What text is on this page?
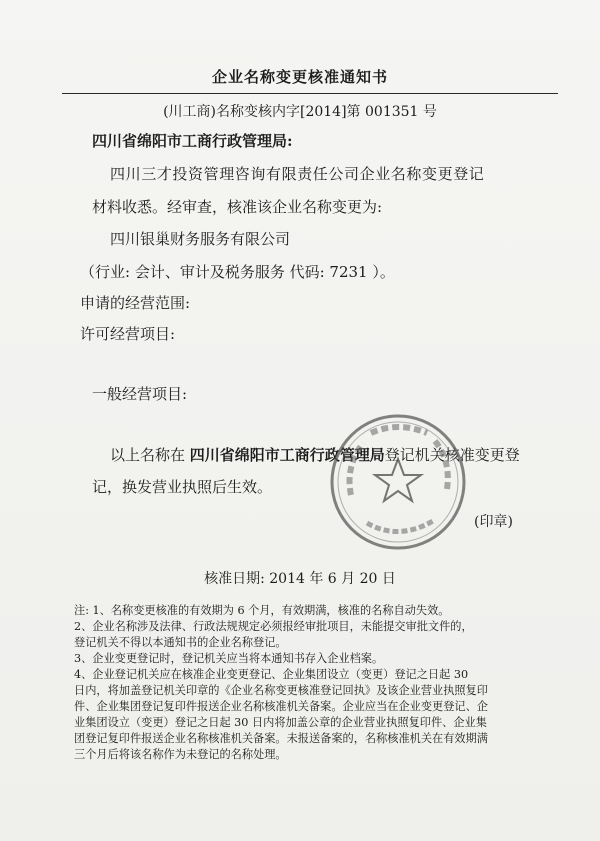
企业名称变更核准通知书
(川工商)名称变核内字[2014]第 001351 号
四川省绵阳市工商行政管理局:
四川三才投资管理咨询有限责任公司企业名称变更登记
材料收悉。经审查，核准该企业名称变更为:
四川银巢财务服务有限公司
（行业: 会计、审计及税务服务 代码: 7231 ）。
申请的经营范围:
许可经营项目:
一般经营项目:
以上名称在 四川省绵阳市工商行政管理局登记机关核准变更登
记，换发营业执照后生效。
(印章)
核准日期: 2014 年 6 月 20 日
注: 1、名称变更核准的有效期为 6 个月，有效期满，核准的名称自动失效。
2、企业名称涉及法律、行政法规规定必须报经审批项目，未能提交审批文件的，
登记机关不得以本通知书的企业名称登记。
3、企业变更登记时，登记机关应当将本通知书存入企业档案。
4、企业登记机关应在核准企业变更登记、企业集团设立（变更）登记之日起 30
日内，将加盖登记机关印章的《企业名称变更核准登记回执》及该企业营业执照复印
件、企业集团登记复印件报送企业名称核准机关备案。企业应当在企业变更登记、企
业集团设立（变更）登记之日起 30 日内将加盖公章的企业营业执照复印件、企业集
团登记复印件报送企业名称核准机关备案。未报送备案的，名称核准机关在有效期满
三个月后将该名称作为未登记的名称处理。
